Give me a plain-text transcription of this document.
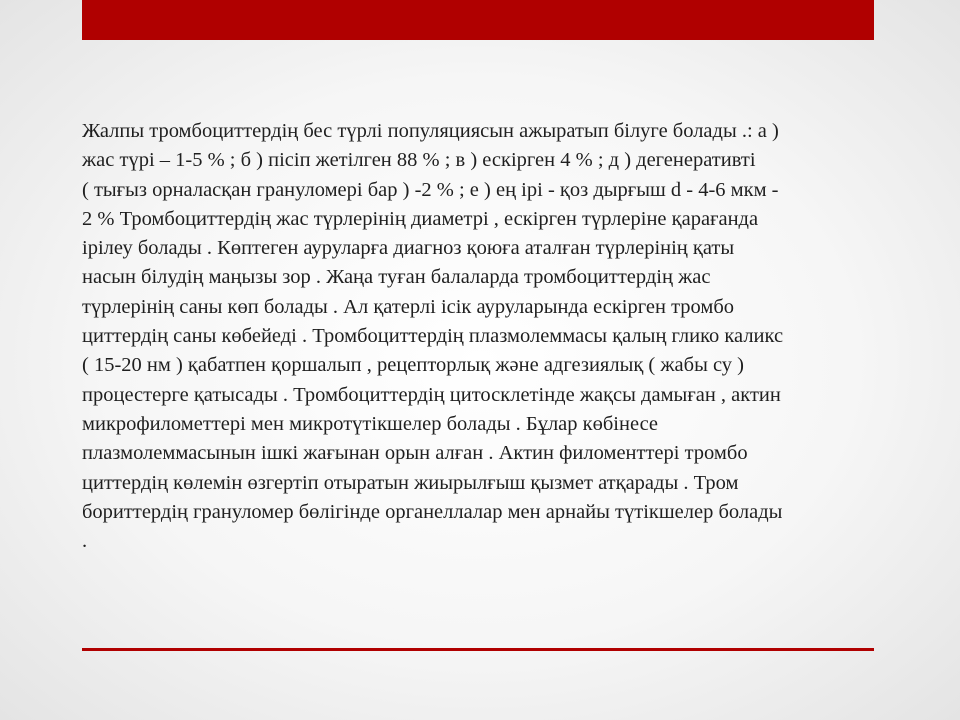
Жалпы тромбоциттердің бес түрлі популяциясын ажыратып білуге болады .: а )
жас түрі – 1-5 % ; б ) пісіп жетілген 88 % ; в ) ескірген 4 % ; д ) дегенеративті
( тығыз орналасқан грануломері бар ) -2 % ; е ) ең ірі - қоз дырғыш d - 4-6 мкм -
2 % Тромбоциттердің жас түрлерінің диаметрі , ескірген түрлеріне қарағанда
ірілеу болады . Көптеген ауруларға диагноз қоюға аталған түрлерінің қаты
насын білудің маңызы зор . Жаңа туған балаларда тромбоциттердің жас
түрлерінің саны көп болады . Ал қатерлі ісік ауруларында ескірген тромбо
циттердің саны көбейеді . Тромбоциттердің плазмолеммасы қалың глико каликс
( 15-20 нм ) қабатпен қоршалып , рецепторлық және адгезиялық ( жабы су )
процестерге қатысады . Тромбоциттердің цитосклетінде жақсы дамыған , актин
микрофилометтері мен микротүтікшелер болады . Бұлар көбінесе
плазмолеммасынын ішкі жағынан орын алған . Актин филоменттері тромбо
циттердің көлемін өзгертіп отыратын жиырылғыш қызмет атқарады . Тром
бориттердің грануломер бөлігінде органеллалар мен арнайы түтікшелер болады
.
